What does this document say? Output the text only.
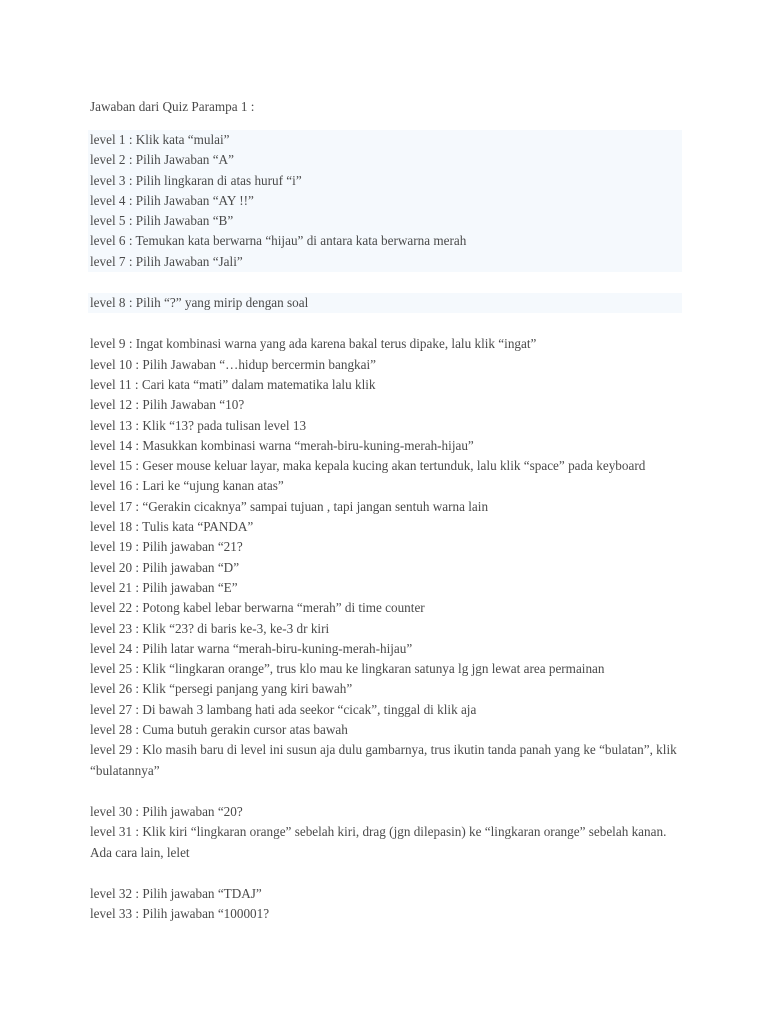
Jawaban dari Quiz Parampa 1 :
level 1 : Klik kata “mulai”
level 2 : Pilih Jawaban “A”
level 3 : Pilih lingkaran di atas huruf “i”
level 4 : Pilih Jawaban “AY !!”
level 5 : Pilih Jawaban “B”
level 6 : Temukan kata berwarna “hijau” di antara kata berwarna merah
level 7 : Pilih Jawaban “Jali”
level 8 : Pilih “?” yang mirip dengan soal
level 9 : Ingat kombinasi warna yang ada karena bakal terus dipake, lalu klik “ingat”
level 10 : Pilih Jawaban “…hidup bercermin bangkai”
level 11 : Cari kata “mati” dalam matematika lalu klik
level 12 : Pilih Jawaban “10?
level 13 : Klik “13? pada tulisan level 13
level 14 : Masukkan kombinasi warna “merah-biru-kuning-merah-hijau”
level 15 : Geser mouse keluar layar, maka kepala kucing akan tertunduk, lalu klik “space” pada keyboard
level 16 : Lari ke “ujung kanan atas”
level 17 : “Gerakin cicaknya” sampai tujuan , tapi jangan sentuh warna lain
level 18 : Tulis kata “PANDA”
level 19 : Pilih jawaban “21?
level 20 : Pilih jawaban “D”
level 21 : Pilih jawaban “E”
level 22 : Potong kabel lebar berwarna “merah” di time counter
level 23 : Klik “23? di baris ke-3, ke-3 dr kiri
level 24 : Pilih latar warna “merah-biru-kuning-merah-hijau”
level 25 : Klik “lingkaran orange”, trus klo mau ke lingkaran satunya lg jgn lewat area permainan
level 26 : Klik “persegi panjang yang kiri bawah”
level 27 : Di bawah 3 lambang hati ada seekor “cicak”, tinggal di klik aja
level 28 : Cuma butuh gerakin cursor atas bawah
level 29 : Klo masih baru di level ini susun aja dulu gambarnya, trus ikutin tanda panah yang ke “bulatan”, klik
“bulatannya”
level 30 : Pilih jawaban “20?
level 31 : Klik kiri “lingkaran orange” sebelah kiri, drag (jgn dilepasin) ke “lingkaran orange” sebelah kanan.
Ada cara lain, lelet
level 32 : Pilih jawaban “TDAJ”
level 33 : Pilih jawaban “100001?
